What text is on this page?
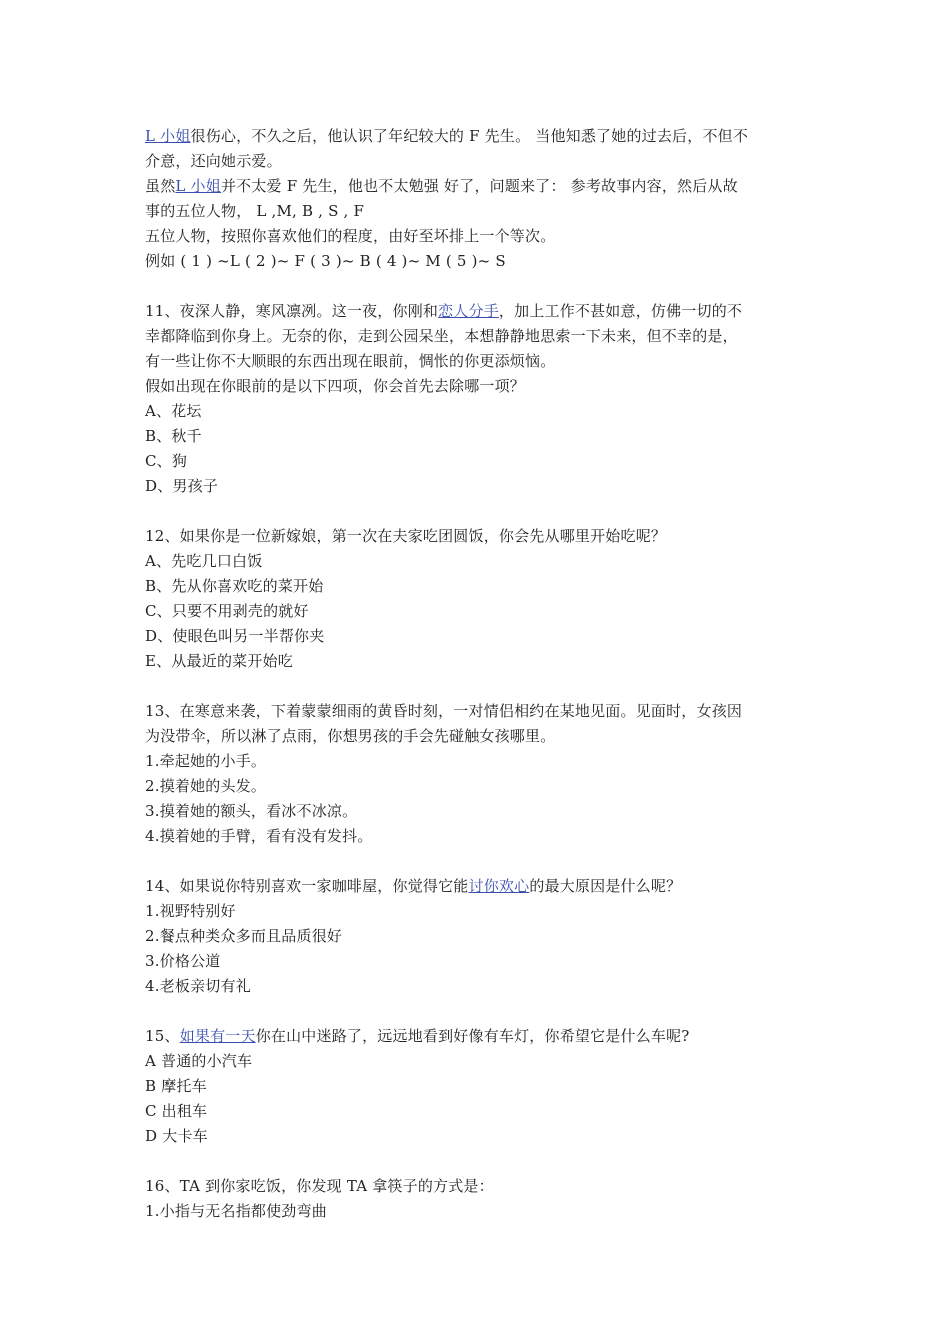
L 小姐很伤心，不久之后，他认识了年纪较大的 F 先生。 当他知悉了她的过去后，不但不
介意，还向她示爱。
虽然L 小姐并不太爱 F 先生，他也不太勉强 好了，问题来了： 参考故事内容，然后从故
事的五位人物， L ,M, B , S , F
五位人物，按照你喜欢他们的程度，由好至坏排上一个等次。
例如 ( 1 ) ~L ( 2 )~ F ( 3 )~ B ( 4 )~ M ( 5 )~ S
11、夜深人静，寒风凛冽。这一夜，你刚和恋人分手，加上工作不甚如意，仿佛一切的不
幸都降临到你身上。无奈的你，走到公园呆坐，本想静静地思索一下未来，但不幸的是，
有一些让你不大顺眼的东西出现在眼前，惆怅的你更添烦恼。
假如出现在你眼前的是以下四项，你会首先去除哪一项？
A、花坛
B、秋千
C、狗
D、男孩子
12、如果你是一位新嫁娘，第一次在夫家吃团圆饭，你会先从哪里开始吃呢？
A、先吃几口白饭
B、先从你喜欢吃的菜开始
C、只要不用剥壳的就好
D、使眼色叫另一半帮你夹
E、从最近的菜开始吃
13、在寒意来袭，下着蒙蒙细雨的黄昏时刻，一对情侣相约在某地见面。见面时，女孩因
为没带伞，所以淋了点雨，你想男孩的手会先碰触女孩哪里。
1.牵起她的小手。
2.摸着她的头发。
3.摸着她的额头，看冰不冰凉。
4.摸着她的手臂，看有没有发抖。
14、如果说你特别喜欢一家咖啡屋，你觉得它能讨你欢心的最大原因是什么呢？
1.视野特别好
2.餐点种类众多而且品质很好
3.价格公道
4.老板亲切有礼
15、如果有一天你在山中迷路了，远远地看到好像有车灯，你希望它是什么车呢?
A 普通的小汽车
B 摩托车
C 出租车
D 大卡车
16、TA 到你家吃饭，你发现 TA 拿筷子的方式是：
1.小指与无名指都使劲弯曲
